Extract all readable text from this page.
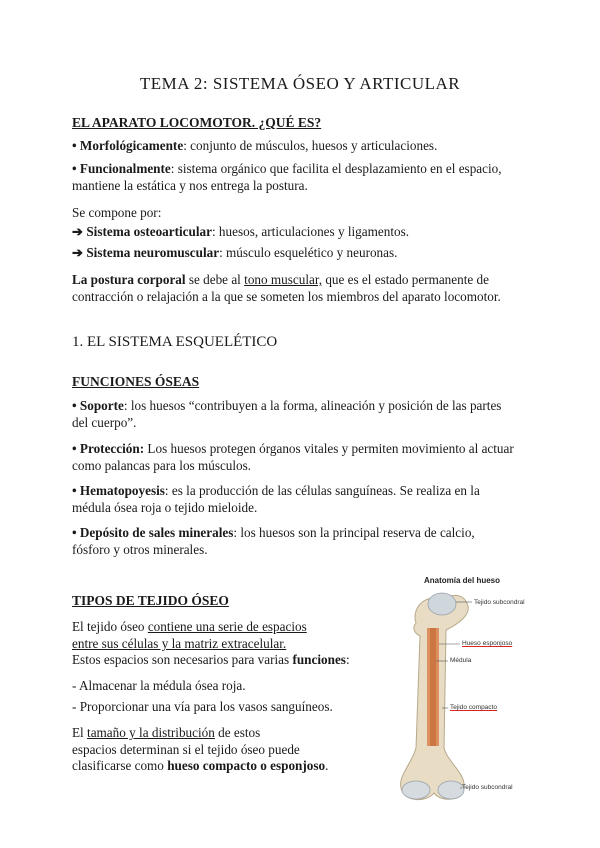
TEMA 2: SISTEMA ÓSEO Y ARTICULAR
EL APARATO LOCOMOTOR. ¿QUÉ ES?
• Morfológicamente: conjunto de músculos, huesos y articulaciones.
• Funcionalmente: sistema orgánico que facilita el desplazamiento en el espacio,
mantiene la estática y nos entrega la postura.
Se compone por:
➔ Sistema osteoarticular: huesos, articulaciones y ligamentos.
➔ Sistema neuromuscular: músculo esquelético y neuronas.
La postura corporal se debe al tono muscular, que es el estado permanente de
contracción o relajación a la que se someten los miembros del aparato locomotor.
1. EL SISTEMA ESQUELÉTICO
FUNCIONES ÓSEAS
• Soporte: los huesos “contribuyen a la forma, alineación y posición de las partes
del cuerpo”.
• Protección: Los huesos protegen órganos vitales y permiten movimiento al actuar
como palancas para los músculos.
• Hematopoyesis: es la producción de las células sanguíneas. Se realiza en la
médula ósea roja o tejido mieloide.
• Depósito de sales minerales: los huesos son la principal reserva de calcio,
fósforo y otros minerales.
TIPOS DE TEJIDO ÓSEO
El tejido óseo contiene una serie de espacios
entre sus células y la matriz extracelular.
Estos espacios son necesarios para varias funciones:
- Almacenar la médula ósea roja.
- Proporcionar una vía para los vasos sanguíneos.
El tamaño y la distribución de estos
espacios determinan si el tejido óseo puede
clasificarse como hueso compacto o esponjoso.
Anatomía del hueso
Tejido subcondral
Hueso esponjoso
Médula
Tejido compacto
Tejido subcondral
